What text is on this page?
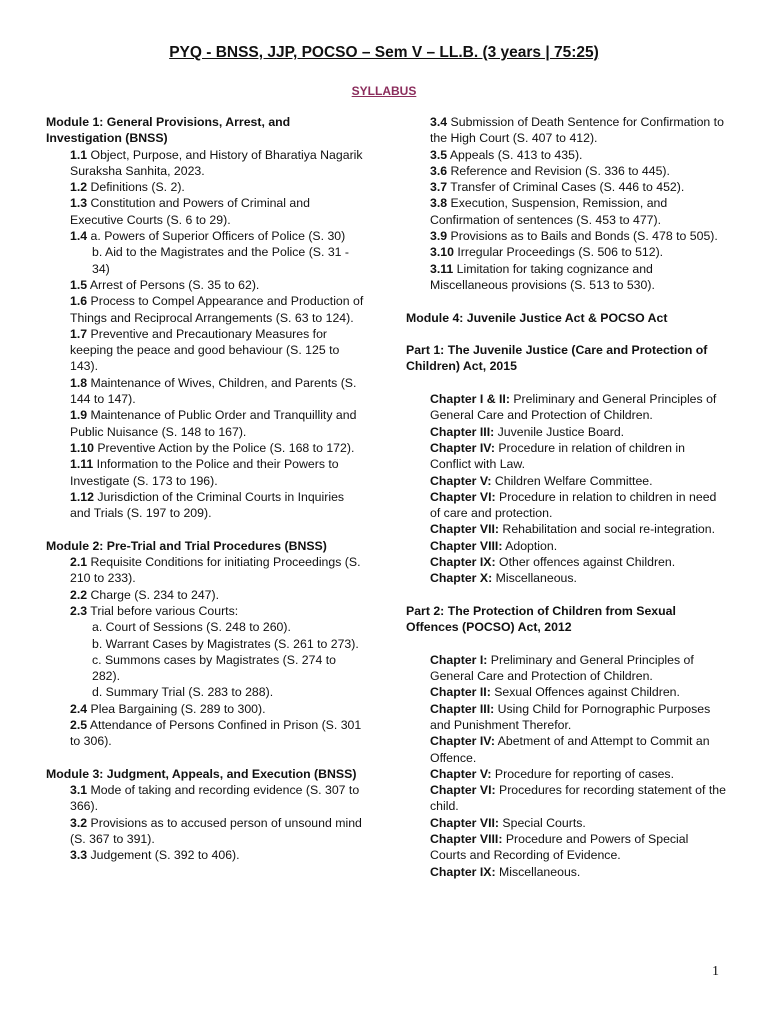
PYQ - BNSS, JJP, POCSO – Sem V – LL.B. (3 years | 75:25)
SYLLABUS
Module 1: General Provisions, Arrest, and Investigation (BNSS)
1.1 Object, Purpose, and History of Bharatiya Nagarik Suraksha Sanhita, 2023.
1.2 Definitions (S. 2).
1.3 Constitution and Powers of Criminal and Executive Courts (S. 6 to 29).
1.4 a. Powers of Superior Officers of Police (S. 30)
b. Aid to the Magistrates and the Police (S. 31 - 34)
1.5 Arrest of Persons (S. 35 to 62).
1.6 Process to Compel Appearance and Production of Things and Reciprocal Arrangements (S. 63 to 124).
1.7 Preventive and Precautionary Measures for keeping the peace and good behaviour (S. 125 to 143).
1.8 Maintenance of Wives, Children, and Parents (S. 144 to 147).
1.9 Maintenance of Public Order and Tranquillity and Public Nuisance (S. 148 to 167).
1.10 Preventive Action by the Police (S. 168 to 172).
1.11 Information to the Police and their Powers to Investigate (S. 173 to 196).
1.12 Jurisdiction of the Criminal Courts in Inquiries and Trials (S. 197 to 209).
Module 2: Pre-Trial and Trial Procedures (BNSS)
2.1 Requisite Conditions for initiating Proceedings (S. 210 to 233).
2.2 Charge (S. 234 to 247).
2.3 Trial before various Courts:
a. Court of Sessions (S. 248 to 260).
b. Warrant Cases by Magistrates (S. 261 to 273).
c. Summons cases by Magistrates (S. 274 to 282).
d. Summary Trial (S. 283 to 288).
2.4 Plea Bargaining (S. 289 to 300).
2.5 Attendance of Persons Confined in Prison (S. 301 to 306).
Module 3: Judgment, Appeals, and Execution (BNSS)
3.1 Mode of taking and recording evidence (S. 307 to 366).
3.2 Provisions as to accused person of unsound mind (S. 367 to 391).
3.3 Judgement (S. 392 to 406).
3.4 Submission of Death Sentence for Confirmation to the High Court (S. 407 to 412).
3.5 Appeals (S. 413 to 435).
3.6 Reference and Revision (S. 336 to 445).
3.7 Transfer of Criminal Cases (S. 446 to 452).
3.8 Execution, Suspension, Remission, and Confirmation of sentences (S. 453 to 477).
3.9 Provisions as to Bails and Bonds (S. 478 to 505).
3.10 Irregular Proceedings (S. 506 to 512).
3.11 Limitation for taking cognizance and Miscellaneous provisions (S. 513 to 530).
Module 4: Juvenile Justice Act & POCSO Act
Part 1: The Juvenile Justice (Care and Protection of Children) Act, 2015
Chapter I & II: Preliminary and General Principles of General Care and Protection of Children.
Chapter III: Juvenile Justice Board.
Chapter IV: Procedure in relation of children in Conflict with Law.
Chapter V: Children Welfare Committee.
Chapter VI: Procedure in relation to children in need of care and protection.
Chapter VII: Rehabilitation and social re-integration.
Chapter VIII: Adoption.
Chapter IX: Other offences against Children.
Chapter X: Miscellaneous.
Part 2: The Protection of Children from Sexual Offences (POCSO) Act, 2012
Chapter I: Preliminary and General Principles of General Care and Protection of Children.
Chapter II: Sexual Offences against Children.
Chapter III: Using Child for Pornographic Purposes and Punishment Therefor.
Chapter IV: Abetment of and Attempt to Commit an Offence.
Chapter V: Procedure for reporting of cases.
Chapter VI: Procedures for recording statement of the child.
Chapter VII: Special Courts.
Chapter VIII: Procedure and Powers of Special Courts and Recording of Evidence.
Chapter IX: Miscellaneous.
1
